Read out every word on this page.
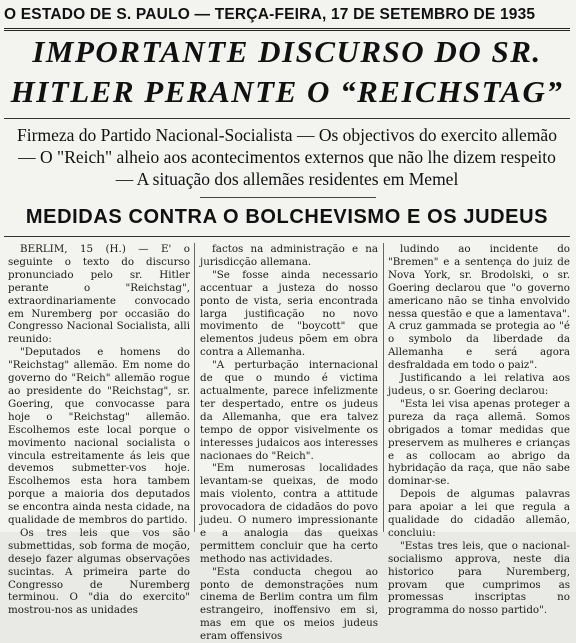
O ESTADO DE S. PAULO — TERÇA-FEIRA, 17 DE SETEMBRO DE 1935
IMPORTANTE DISCURSO DO SR.
HITLER PERANTE O “REICHSTAG”

Firmeza do Partido Nacional-Socialista — Os objectivos do exercito allemão — O "Reich" alheio aos acontecimentos externos que não lhe dizem respeito — A situação dos allemães residentes em Memel

MEDIDAS CONTRA O BOLCHEVISMO E OS JUDEUS

BERLIM, 15 (H.) — E' o seguinte o texto do discurso pronunciado pelo sr. Hitler perante o "Reichstag", extraordinariamente convocado em Nuremberg por occasião do Congresso Nacional Socialista, alli reunido:

"Deputados e homens do "Reichstag" allemão. Em nome do governo do "Reich" allemão rogue ao presidente do "Reichstag", sr. Goering, que convocasse para hoje o "Reichstag" allemão. Escolhemos este local porque o movimento nacional socialista o vincula estreitamente ás leis que devemos submetter-vos hoje. Escolhemos esta hora tambem porque a maioria dos deputados se encontra ainda nesta cidade, na qualidade de membros do partido.

Os tres leis que vos são submettidas, sob forma de moção, desejo fazer algumas observações sucintas. A primeira parte do Congresso de Nuremberg terminou. O "dia do exercito" mostrou-nos as unidades

factos na administração e na jurisdicção allemana.

"Se fosse ainda necessario accentuar a justeza do nosso ponto de vista, seria encontrada larga justificação no novo movimento de "boycott" que elementos judeus põem em obra contra a Allemanha.

"A perturbação internacional de que o mundo é victima actualmente, parece infelizmente ter despertado, entre os judeus da Allemanha, que era talvez tempo de oppor visivelmente os interesses judaicos aos interesses nacionaes do "Reich".

"Em numerosas localidades levantam-se queixas, de modo mais violento, contra a attitude provocadora de cidadãos do povo judeu. O numero impressionante e a analogia das queixas permittem concluir que ha certo methodo nas actividades.

"Esta conducta chegou ao ponto de demonstrações num cinema de Berlim contra um film estrangeiro, inoffensivo em si, mas em que os meios judeus eram offensivos

ludindo ao incidente do "Bremen" e a sentença do juiz de Nova York, sr. Brodolski, o sr. Goering declarou que "o governo americano não se tinha envolvido nessa questão e que a lamentava". A cruz gammada se protegia ao "é o symbolo da liberdade da Allemanha e será agora desfraldada em todo o paiz".

Justificando a lei relativa aos judeus, o sr. Goering declarou:

"Esta lei visa apenas proteger a pureza da raça allemã. Somos obrigados a tomar medidas que preservem as mulheres e crianças e as collocam ao abrigo da hybridação da raça, que não sabe dominar-se.

Depois de algumas palavras para apoiar a lei que regula a qualidade do cidadão allemão, concluiu:

"Estas tres leis, que o nacional-socialismo approva, neste dia historico para Nuremberg, provam que cumprimos as promessas inscriptas no programma do nosso partido".
